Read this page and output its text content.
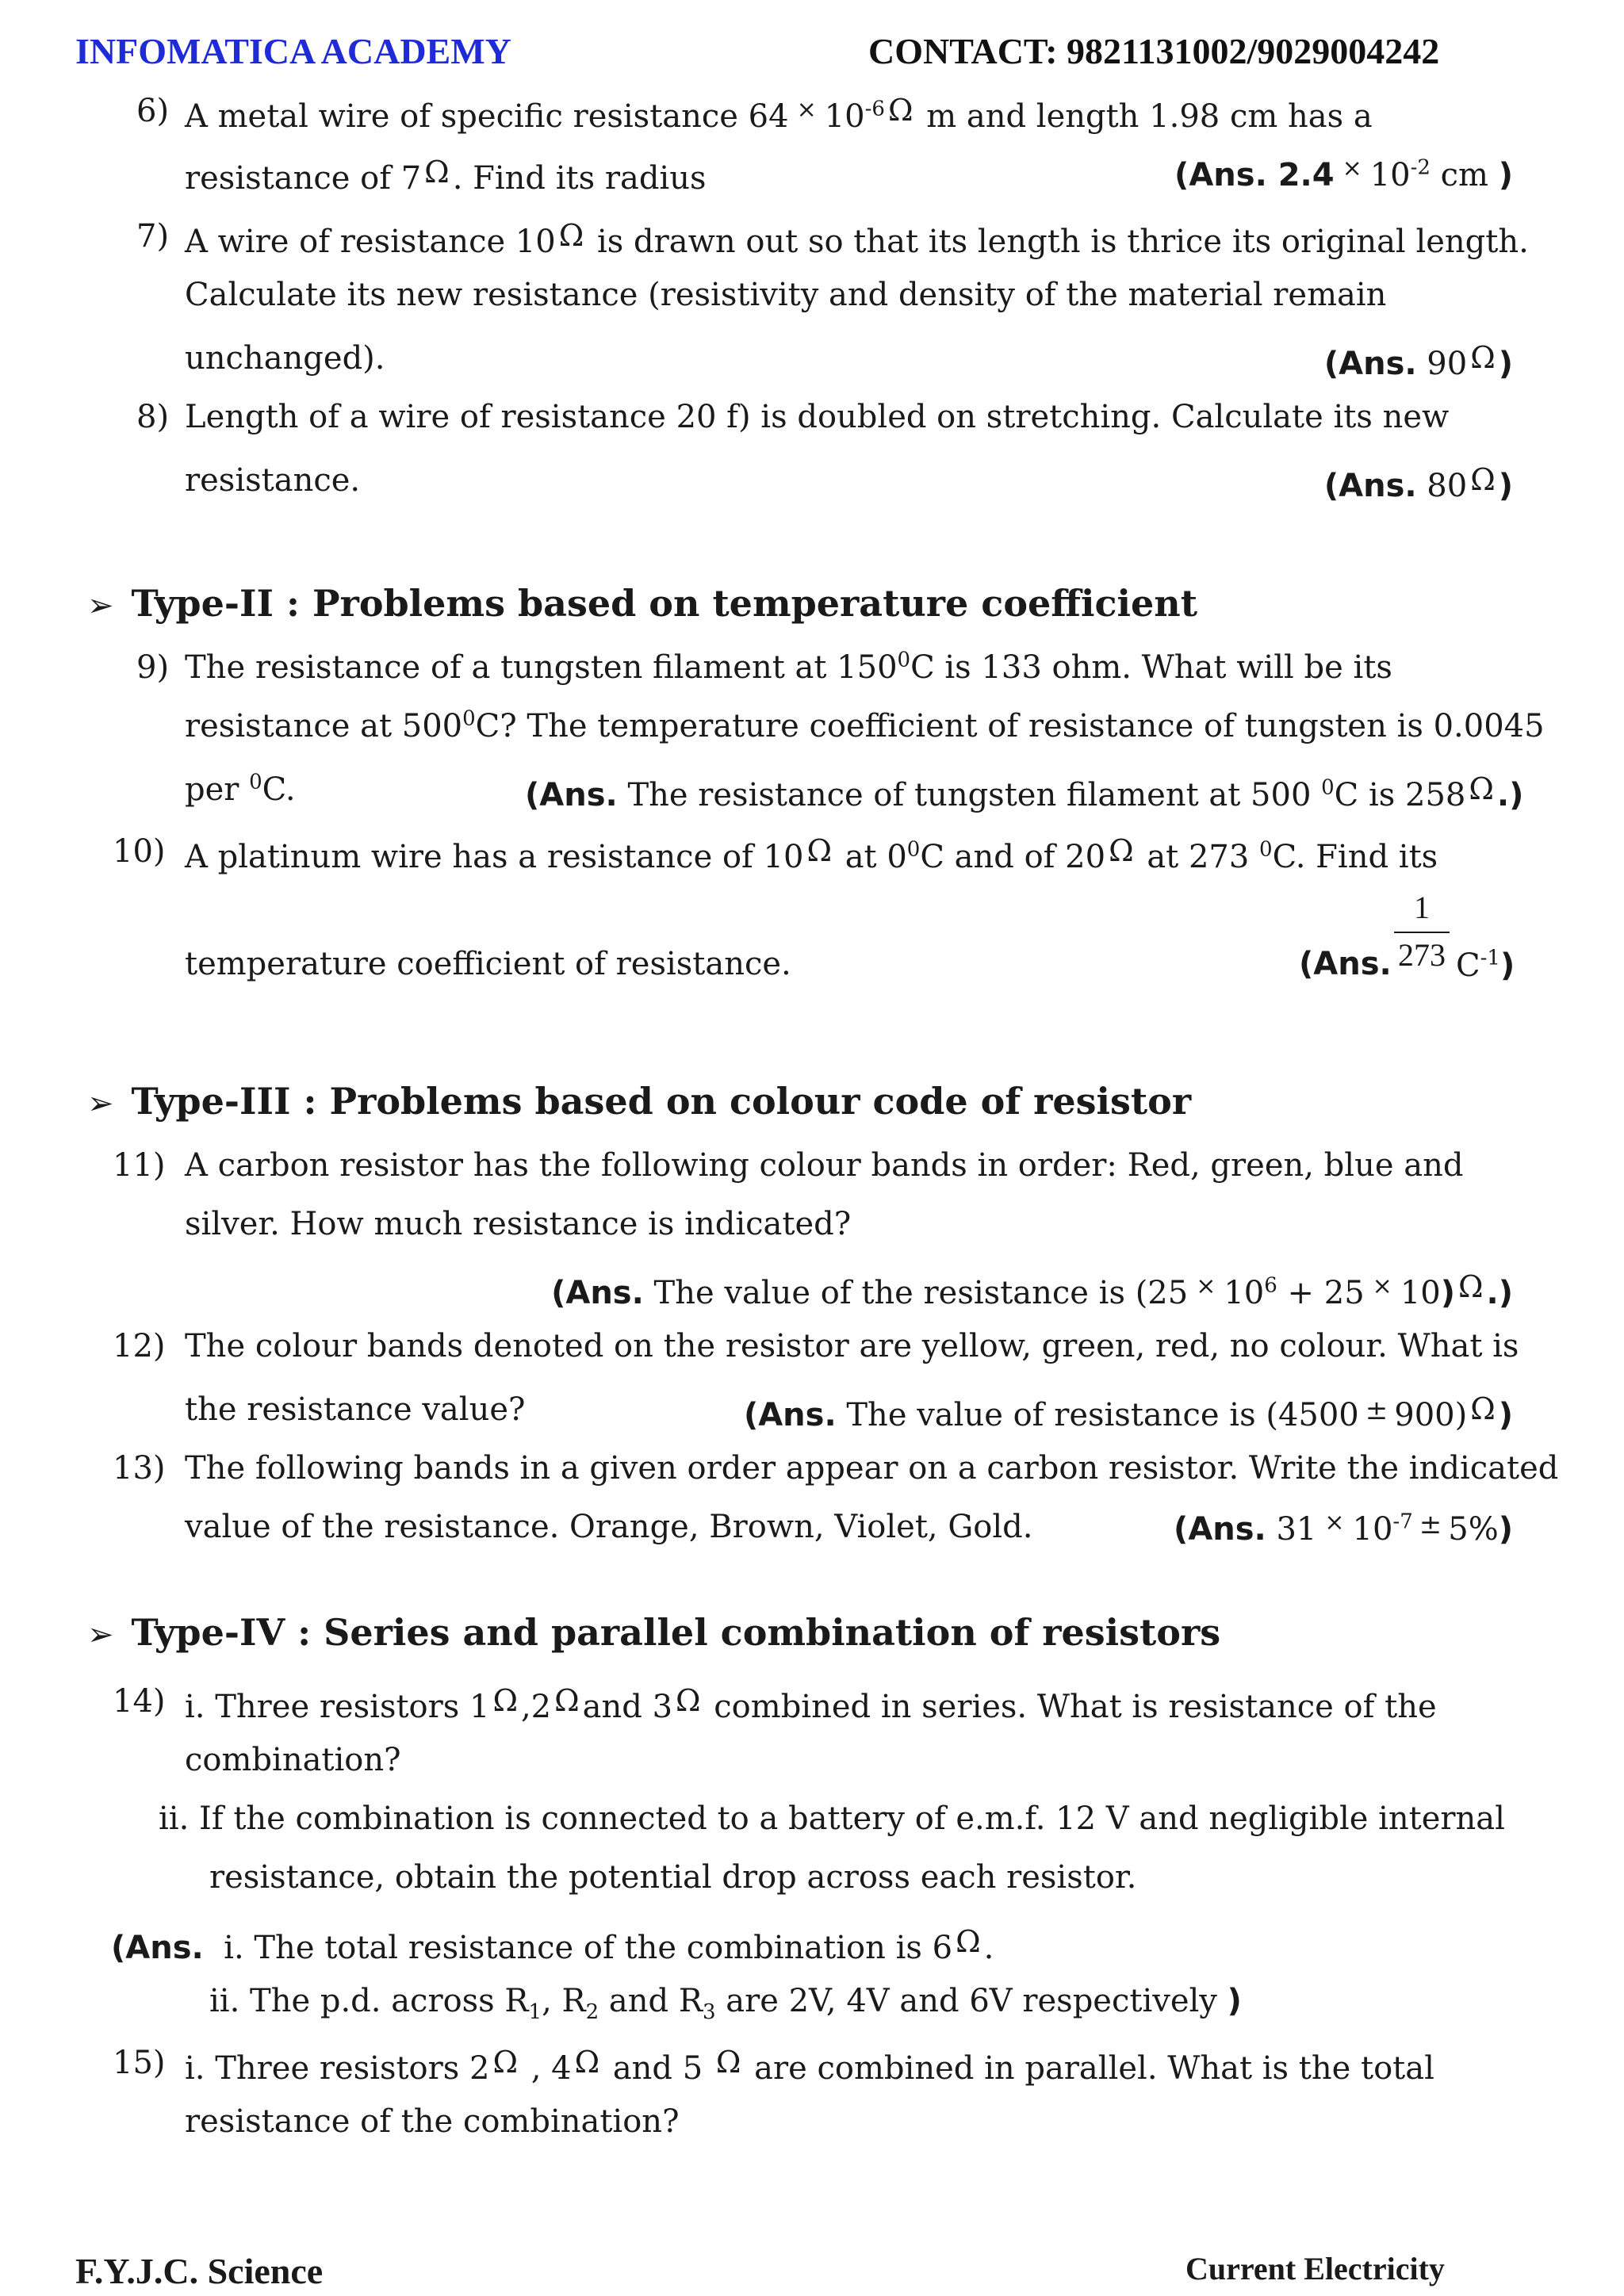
INFOMATICA ACADEMY	CONTACT: 9821131002/9029004242
6) A metal wire of specific resistance 64 × $10^{-6}$ Ω m and length 1.98 cm has a
resistance of 7 Ω . Find its radius	(Ans. 2.4 × $10^{-2}$ cm )
7) A wire of resistance 10 Ω is drawn out so that its length is thrice its original length.
Calculate its new resistance (resistivity and density of the material remain
unchanged).	(Ans. 90 Ω )
8) Length of a wire of resistance 20 f) is doubled on stretching. Calculate its new
resistance.	(Ans. 80 Ω )
➢ Type-II : Problems based on temperature coefficient
9) The resistance of a tungsten filament at $150^0C$ is 133 ohm. What will be its
resistance at $500^0C$? The temperature coefficient of resistance of tungsten is 0.0045
per $^0$C.	(Ans. The resistance of tungsten filament at 500 $^0$C is 258 Ω .)
10) A platinum wire has a resistance of 10 Ω at $0^0C$ and of 20 Ω at 273 $^0$C. Find its
temperature coefficient of resistance.	(Ans. $\frac{1}{273} C^{-1}$)
➢ Type-III : Problems based on colour code of resistor
11) A carbon resistor has the following colour bands in order: Red, green, blue and
silver. How much resistance is indicated?
(Ans. The value of the resistance is (25 × $10^6 + 25$ × 10) Ω .)
12) The colour bands denoted on the resistor are yellow, green, red, no colour. What is
the resistance value?	(Ans. The value of resistance is (4500 ± 900) Ω )
13) The following bands in a given order appear on a carbon resistor. Write the indicated
value of the resistance. Orange, Brown, Violet, Gold.	(Ans. 31 × $10^{-7}$ ± 5%)
➢ Type-IV : Series and parallel combination of resistors
14) i. Three resistors 1 Ω ,2 Ω and 3 Ω combined in series. What is resistance of the
combination?
ii. If the combination is connected to a battery of e.m.f. 12 V and negligible internal
resistance, obtain the potential drop across each resistor.
(Ans. i. The total resistance of the combination is 6 Ω .
ii. The p.d. across $R_1$, $R_2$ and $R_3$ are 2V, 4V and 6V respectively )
15) i. Three resistors 2 Ω , 4 Ω and 5 Ω are combined in parallel. What is the total
resistance of the combination?
F.Y.J.C. Science	Current Electricity
